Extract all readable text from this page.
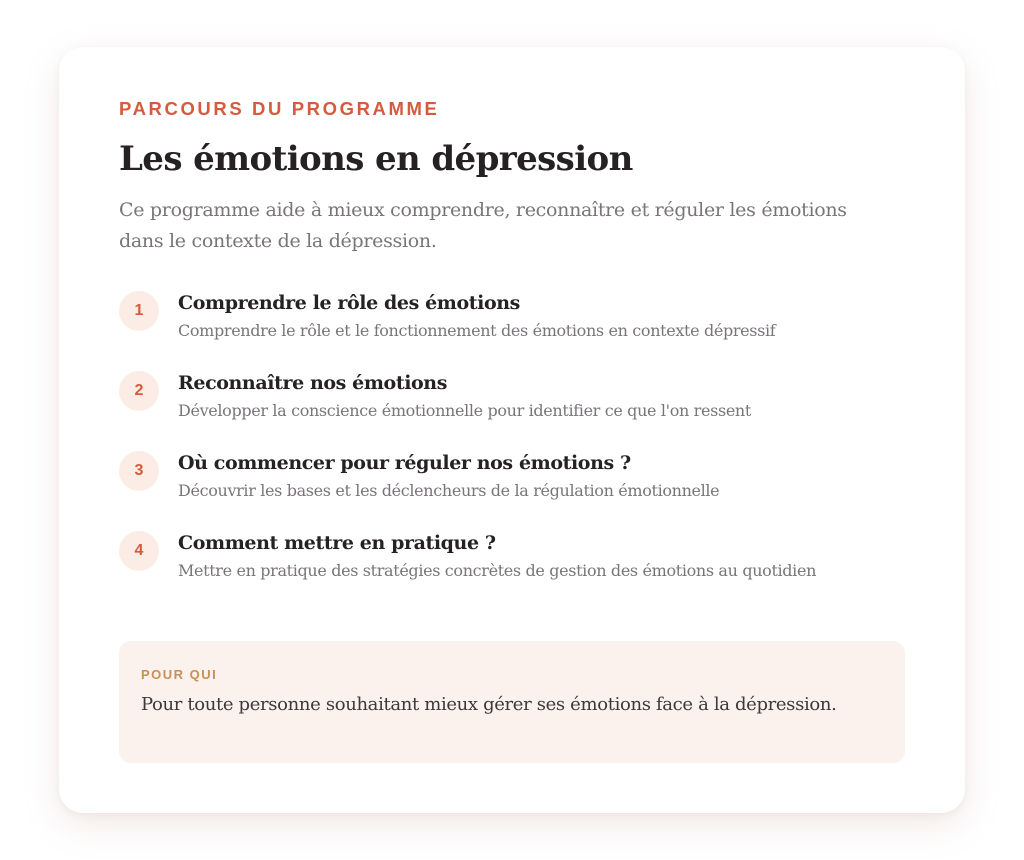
PARCOURS DU PROGRAMME

Les émotions en dépression

Ce programme aide à mieux comprendre, reconnaître et réguler les émotions dans le contexte de la dépression.

1	Comprendre le rôle des émotions

Comprendre le rôle et le fonctionnement des émotions en contexte dépressif

2	Reconnaître nos émotions

Développer la conscience émotionnelle pour identifier ce que l'on ressent

3	Où commencer pour réguler nos émotions ?

Découvrir les bases et les déclencheurs de la régulation émotionnelle

4	Comment mettre en pratique ?

Mettre en pratique des stratégies concrètes de gestion des émotions au quotidien

POUR QUI

Pour toute personne souhaitant mieux gérer ses émotions face à la dépression.
